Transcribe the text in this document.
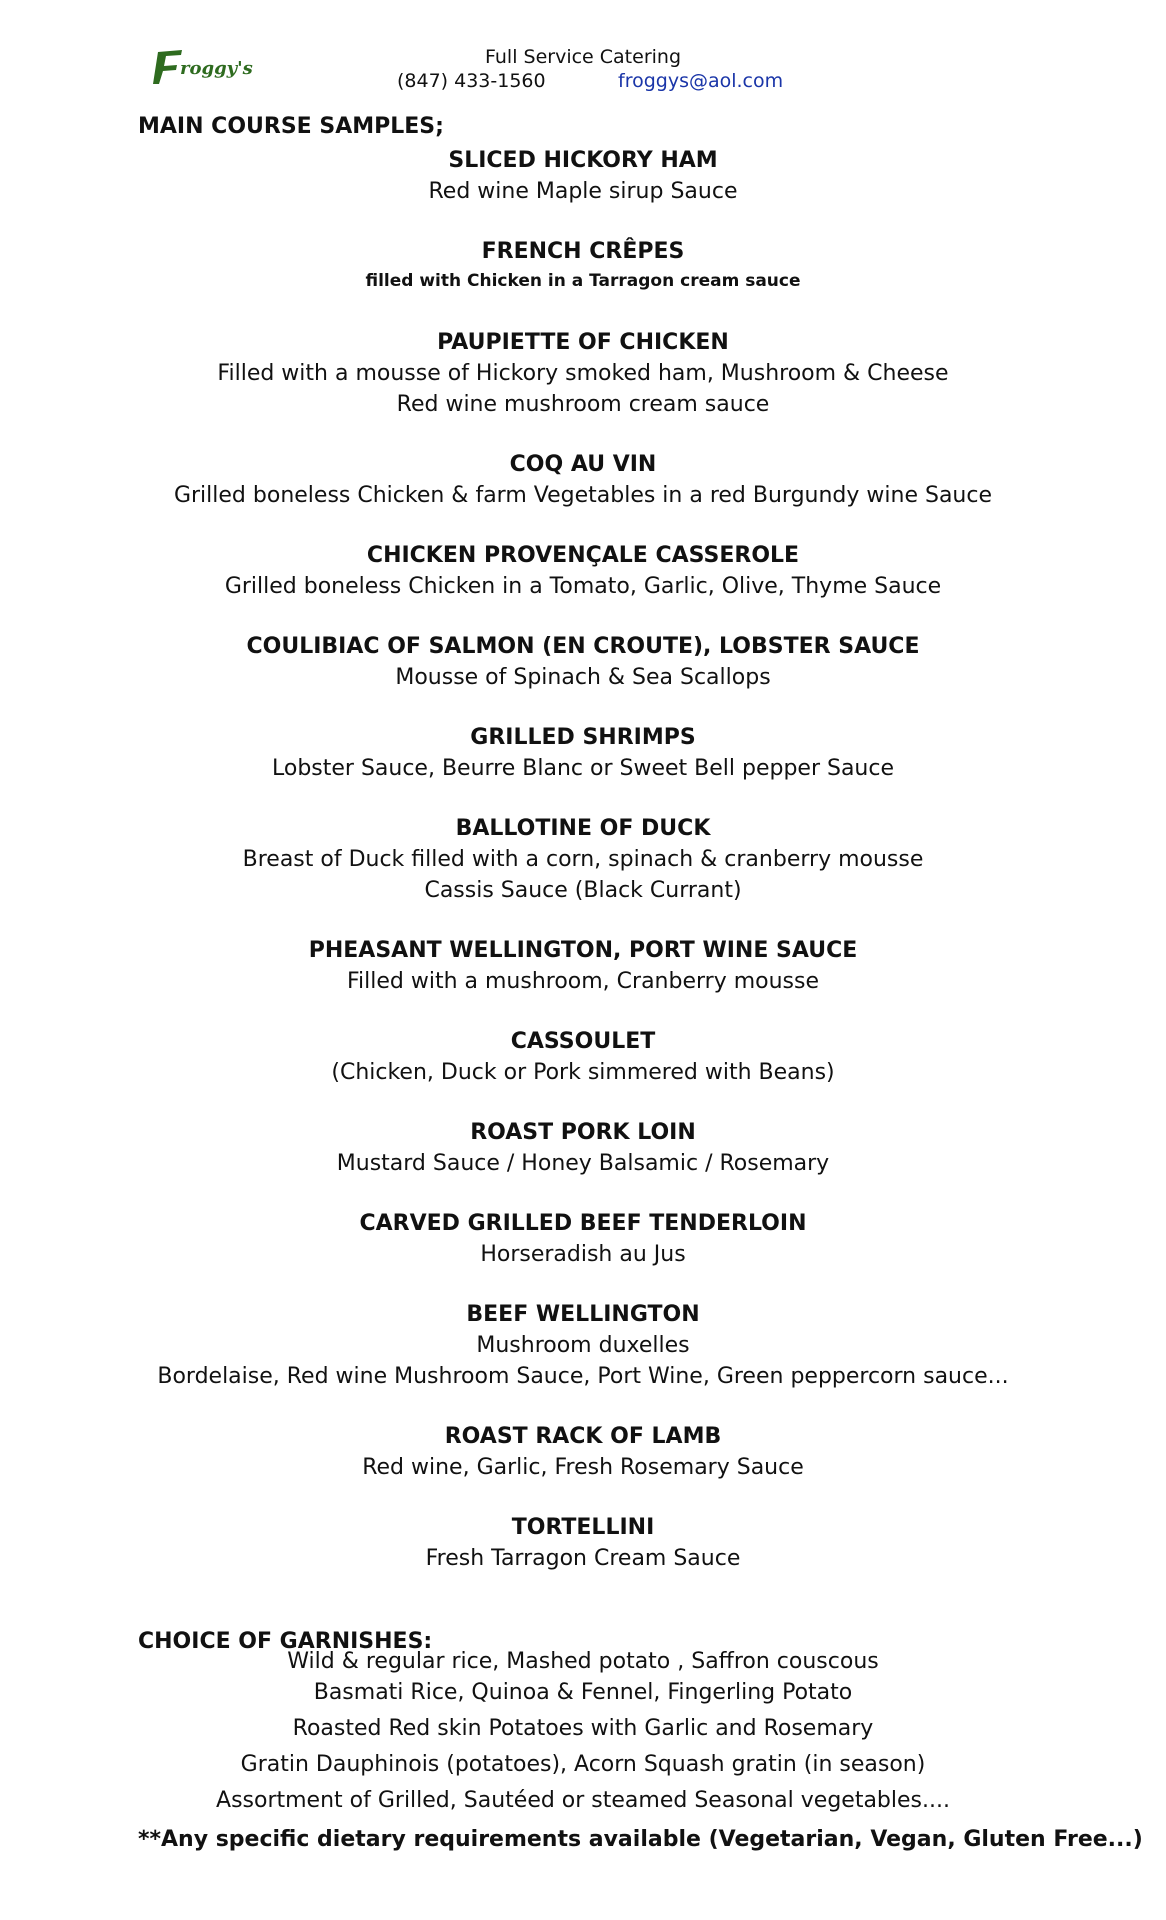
roggy's
Full Service Catering
(847) 433-1560	froggys@aol.com
MAIN COURSE SAMPLES;
SLICED HICKORY HAM
Red wine Maple sirup Sauce
FRENCH CRÊPES
filled with Chicken in a Tarragon cream sauce
PAUPIETTE OF CHICKEN
Filled with a mousse of Hickory smoked ham, Mushroom & Cheese
Red wine mushroom cream sauce
COQ AU VIN
Grilled boneless Chicken & farm Vegetables in a red Burgundy wine Sauce
CHICKEN PROVENÇALE CASSEROLE
Grilled boneless Chicken in a Tomato, Garlic, Olive, Thyme Sauce
COULIBIAC OF SALMON (EN CROUTE), LOBSTER SAUCE
Mousse of Spinach & Sea Scallops
GRILLED SHRIMPS
Lobster Sauce, Beurre Blanc or Sweet Bell pepper Sauce
BALLOTINE OF DUCK
Breast of Duck filled with a corn, spinach & cranberry mousse
Cassis Sauce (Black Currant)
PHEASANT WELLINGTON, PORT WINE SAUCE
Filled with a mushroom, Cranberry mousse
CASSOULET
(Chicken, Duck or Pork simmered with Beans)
ROAST PORK LOIN
Mustard Sauce / Honey Balsamic / Rosemary
CARVED GRILLED BEEF TENDERLOIN
Horseradish au Jus
BEEF WELLINGTON
Mushroom duxelles
Bordelaise, Red wine Mushroom Sauce, Port Wine, Green peppercorn sauce...
ROAST RACK OF LAMB
Red wine, Garlic, Fresh Rosemary Sauce
TORTELLINI
Fresh Tarragon Cream Sauce
CHOICE OF GARNISHES:
Wild & regular rice, Mashed potato , Saffron couscous
Basmati Rice, Quinoa & Fennel, Fingerling Potato
Roasted Red skin Potatoes with Garlic and Rosemary
Gratin Dauphinois (potatoes), Acorn Squash gratin (in season)
Assortment of Grilled, Sautéed or steamed Seasonal vegetables....
**Any specific dietary requirements available (Vegetarian, Vegan, Gluten Free...)
